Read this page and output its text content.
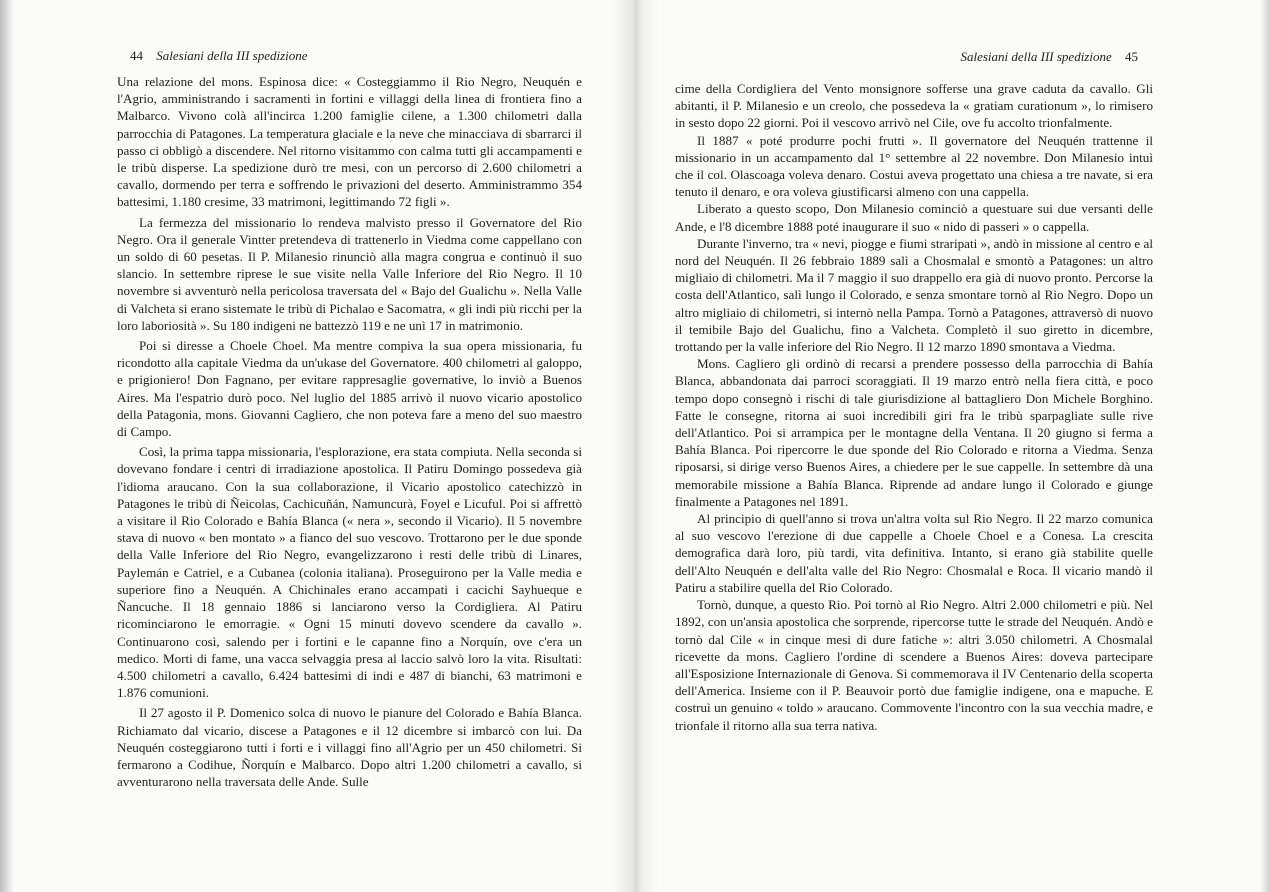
44 Salesiani della III spedizione	Salesiani della III spedizione 45

Una relazione del mons. Espinosa dice: « Costeggiammo il Rio Negro, Neuquén e l'Agrio, amministrando i sacramenti in fortini e villaggi della linea di frontiera fino a Malbarco. Vivono colà all'incirca 1.200 famiglie cilene, a 1.300 chilometri dalla parrocchia di Patagones. La temperatura glaciale e la neve che minacciava di sbarrarci il passo ci obbligò a discendere. Nel ritorno visitammo con calma tutti gli accampamenti e le tribù disperse. La spedizione durò tre mesi, con un percorso di 2.600 chilometri a cavallo, dormendo per terra e soffrendo le privazioni del deserto. Amministrammo 354 battesimi, 1.180 cresime, 33 matrimoni, legittimando 72 figli ».

La fermezza del missionario lo rendeva malvisto presso il Governatore del Rio Negro. Ora il generale Vintter pretendeva di trattenerlo in Viedma come cappellano con un soldo di 60 pesetas. Il P. Milanesio rinunciò alla magra congrua e continuò il suo slancio. In settembre riprese le sue visite nella Valle Inferiore del Rio Negro. Il 10 novembre si avventurò nella pericolosa traversata del « Bajo del Gualichu ». Nella Valle di Valcheta si erano sistemate le tribù di Pichalao e Sacomatra, « gli indi più ricchi per la loro laboriosità ». Su 180 indigeni ne battezzò 119 e ne unì 17 in matrimonio.

Poi si diresse a Choele Choel. Ma mentre compiva la sua opera missionaria, fu ricondotto alla capitale Viedma da un'ukase del Governatore. 400 chilometri al galoppo, e prigioniero! Don Fagnano, per evitare rappresaglie governative, lo inviò a Buenos Aires. Ma l'espatrio durò poco. Nel luglio del 1885 arrivò il nuovo vicario apostolico della Patagonia, mons. Giovanni Cagliero, che non poteva fare a meno del suo maestro di Campo.

Così, la prima tappa missionaria, l'esplorazione, era stata compiuta. Nella seconda si dovevano fondare i centri di irradiazione apostolica. Il Patiru Domingo possedeva già l'idioma araucano. Con la sua collaborazione, il Vicario apostolico catechizzò in Patagones le tribù di Ñeicolas, Cachicuñán, Namuncurà, Foyel e Licuful. Poi si affrettò a visitare il Rio Colorado e Bahía Blanca (« nera », secondo il Vicario). Il 5 novembre stava di nuovo « ben montato » a fianco del suo vescovo. Trottarono per le due sponde della Valle Inferiore del Rio Negro, evangelizzarono i resti delle tribù di Linares, Paylemán e Catriel, e a Cubanea (colonia italiana). Proseguirono per la Valle media e superiore fino a Neuquén. A Chichinales erano accampati i cacichi Sayhueque e Ñancuche. Il 18 gennaio 1886 si lanciarono verso la Cordigliera. Al Patiru ricominciarono le emorragie. « Ogni 15 minuti dovevo scendere da cavallo ». Continuarono così, salendo per i fortini e le capanne fino a Norquín, ove c'era un medico. Morti di fame, una vacca selvaggia presa al laccio salvò loro la vita. Risultati: 4.500 chilometri a cavallo, 6.424 battesimi di indi e 487 di bianchi, 63 matrimoni e 1.876 comunioni.

Il 27 agosto il P. Domenico solca di nuovo le pianure del Colorado e Bahía Blanca. Richiamato dal vicario, discese a Patagones e il 12 dicembre si imbarcò con lui. Da Neuquén costeggiarono tutti i forti e i villaggi fino all'Agrio per un 450 chilometri. Si fermarono a Codihue, Ñorquín e Malbarco. Dopo altri 1.200 chilometri a cavallo, si avventurarono nella traversata delle Ande. Sulle

cime della Cordigliera del Vento monsignore sofferse una grave caduta da cavallo. Gli abitanti, il P. Milanesio e un creolo, che possedeva la « gratiam curationum », lo rimisero in sesto dopo 22 giorni. Poi il vescovo arrivò nel Cile, ove fu accolto trionfalmente.

Il 1887 « poté produrre pochi frutti ». Il governatore del Neuquén trattenne il missionario in un accampamento dal 1° settembre al 22 novembre. Don Milanesio intuì che il col. Olascoaga voleva denaro. Costui aveva progettato una chiesa a tre navate, si era tenuto il denaro, e ora voleva giustificarsi almeno con una cappella.

Liberato a questo scopo, Don Milanesio cominciò a questuare sui due versanti delle Ande, e l'8 dicembre 1888 poté inaugurare il suo « nido di passeri » o cappella.

Durante l'inverno, tra « nevi, piogge e fiumi straripati », andò in missione al centro e al nord del Neuquén. Il 26 febbraio 1889 salì a Chosmalal e smontò a Patagones: un altro migliaio di chilometri. Ma il 7 maggio il suo drappello era già di nuovo pronto. Percorse la costa dell'Atlantico, salì lungo il Colorado, e senza smontare tornò al Rio Negro. Dopo un altro migliaio di chilometri, si internò nella Pampa. Tornò a Patagones, attraversò di nuovo il temibile Bajo del Gualichu, fino a Valcheta. Completò il suo giretto in dicembre, trottando per la valle inferiore del Rio Negro. Il 12 marzo 1890 smontava a Viedma.

Mons. Cagliero gli ordinò di recarsi a prendere possesso della parrocchia di Bahía Blanca, abbandonata dai parroci scoraggiati. Il 19 marzo entrò nella fiera città, e poco tempo dopo consegnò i rischi di tale giurisdizione al battagliero Don Michele Borghino. Fatte le consegne, ritorna ai suoi incredibili giri fra le tribù sparpagliate sulle rive dell'Atlantico. Poi si arrampica per le montagne della Ventana. Il 20 giugno si ferma a Bahía Blanca. Poi ripercorre le due sponde del Rio Colorado e ritorna a Viedma. Senza riposarsi, si dirige verso Buenos Aires, a chiedere per le sue cappelle. In settembre dà una memorabile missione a Bahía Blanca. Riprende ad andare lungo il Colorado e giunge finalmente a Patagones nel 1891.

Al principio di quell'anno si trova un'altra volta sul Rio Negro. Il 22 marzo comunica al suo vescovo l'erezione di due cappelle a Choele Choel e a Conesa. La crescita demografica darà loro, più tardi, vita definitiva. Intanto, si erano già stabilite quelle dell'Alto Neuquén e dell'alta valle del Rio Negro: Chosmalal e Roca. Il vicario mandò il Patiru a stabilire quella del Rio Colorado.

Tornò, dunque, a questo Rio. Poi tornò al Rio Negro. Altri 2.000 chilometri e più. Nel 1892, con un'ansia apostolica che sorprende, ripercorse tutte le strade del Neuquén. Andò e tornò dal Cile « in cinque mesi di dure fatiche »: altri 3.050 chilometri. A Chosmalal ricevette da mons. Cagliero l'ordine di scendere a Buenos Aires: doveva partecipare all'Esposizione Internazionale di Genova. Si commemorava il IV Centenario della scoperta dell'America. Insieme con il P. Beauvoir portò due famiglie indigene, ona e mapuche. E costruì un genuino « toldo » araucano. Commovente l'incontro con la sua vecchia madre, e trionfale il ritorno alla sua terra nativa.
